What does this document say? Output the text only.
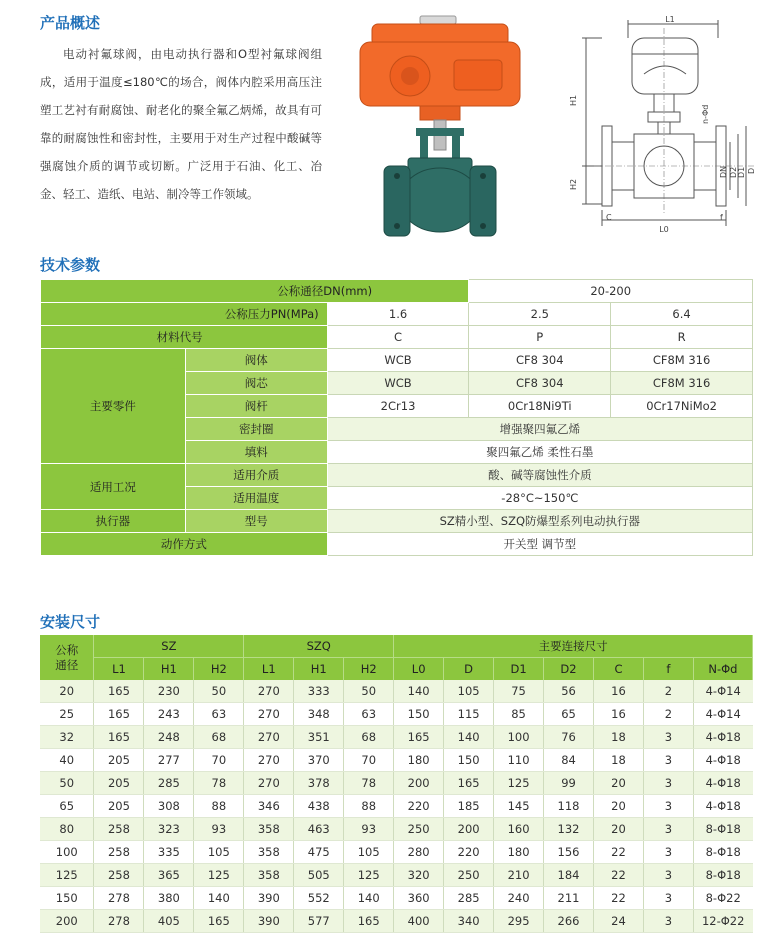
产品概述

电动衬氟球阀，由电动执行器和O型衬氟球阀组成，适用于温度≤180℃的场合，阀体内腔采用高压注塑工艺衬有耐腐蚀、耐老化的聚全氟乙炳烯，故具有可靠的耐腐蚀性和密封性，主要用于对生产过程中酸碱等强腐蚀介质的调节或切断。广泛用于石油、化工、冶金、轻工、造纸、电站、制冷等工作领域。

L1
H1
H2
L0
n-Φd
DN D2 D1 D
C	f
技术参数
公称通径DN(mm)			20-200	
公称压力PN(MPa)		1.6	2.5	6.4
材料代号		C	P	R
主要零件	阀体	WCB	CF8 304	CF8M 316
	阀芯	WCB	CF8 304	CF8M 316
	阀杆	2Cr13	0Cr18Ni9Ti	0Cr17NiMo2
	密封圈	增强聚四氟乙烯		
	填料	聚四氟乙烯 柔性石墨		
适用工况	适用介质	酸、碱等腐蚀性介质		
	适用温度	-28°C~150℃		
执行器	型号	SZ精小型、SZQ防爆型系列电动执行器		
动作方式		开关型 调节型		
安装尺寸
公称
通径	SZ			SZQ			主要连接尺寸						
	L1	H1	H2	L1	H1	H2	L0	D	D1	D2	C	f	N-Φd
20	165	230	50	270	333	50	140	105	75	56	16	2	4-Φ14
25	165	243	63	270	348	63	150	115	85	65	16	2	4-Φ14
32	165	248	68	270	351	68	165	140	100	76	18	3	4-Φ18
40	205	277	70	270	370	70	180	150	110	84	18	3	4-Φ18
50	205	285	78	270	378	78	200	165	125	99	20	3	4-Φ18
65	205	308	88	346	438	88	220	185	145	118	20	3	4-Φ18
80	258	323	93	358	463	93	250	200	160	132	20	3	8-Φ18
100	258	335	105	358	475	105	280	220	180	156	22	3	8-Φ18
125	258	365	125	358	505	125	320	250	210	184	22	3	8-Φ18
150	278	380	140	390	552	140	360	285	240	211	22	3	8-Φ22
200	278	405	165	390	577	165	400	340	295	266	24	3	12-Φ22
